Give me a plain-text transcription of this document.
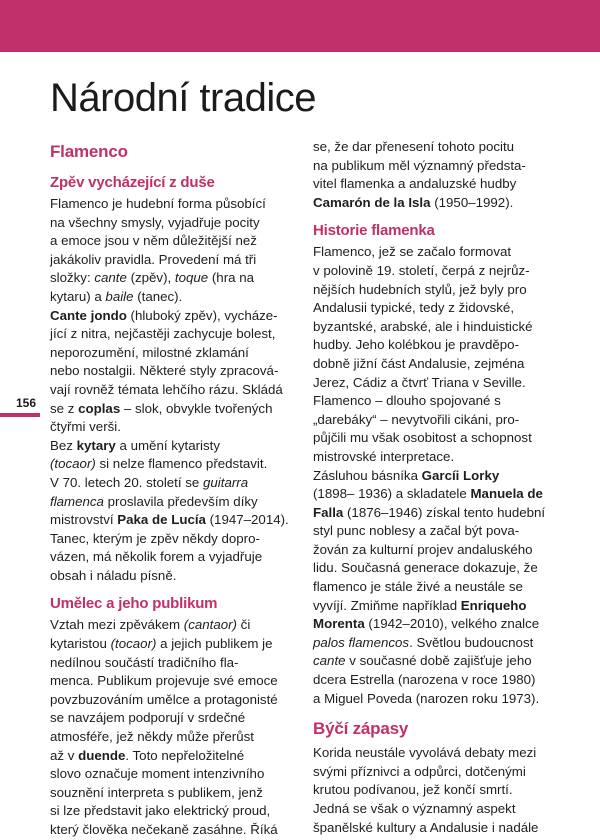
Národní tradice
156
Flamenco
Zpěv vycházející z duše

Flamenco je hudební forma působící
na všechny smysly, vyjadřuje pocity
a emoce jsou v něm důležitější než
jakákoliv pravidla. Provedení má tři
složky: cante (zpěv), toque (hra na
kytaru) a baile (tanec).

Cante jondo (hluboký zpěv), vycháze-
jící z nitra, nejčastěji zachycuje bolest,
neporozumění, milostné zklamání
nebo nostalgii. Některé styly zpracová-
vají rovněž témata lehčího rázu. Skládá
se z coplas – slok, obvykle tvořených
čtyřmi verši.

Bez kytary a umění kytaristy
(tocaor) si nelze flamenco představit.
V 70. letech 20. století se guitarra
flamenca proslavila především díky
mistrovství Paka de Lucía (1947–2014).
Tanec, kterým je zpěv někdy dopro-
vázen, má několik forem a vyjadřuje
obsah i náladu písně.

Umělec a jeho publikum

Vztah mezi zpěvákem (cantaor) či
kytaristou (tocaor) a jejich publikem je
nedílnou součástí tradičního fla-
menca. Publikum projevuje své emoce
povzbuzováním umělce a protagonisté
se navzájem podporují v srdečné
atmosféře, jež někdy může přerůst
až v duende. Toto nepřeložitelné
slovo označuje moment intenzivního
souznění interpreta s publikem, jenž
si lze představit jako elektrický proud,
který člověka nečekaně zasáhne. Říká

se, že dar přenesení tohoto pocitu
na publikum měl významný předsta-
vitel flamenka a andaluzské hudby
Camarón de la Isla (1950–1992).

Historie flamenka

Flamenco, jež se začalo formovat
v polovině 19. století, čerpá z nejrůz-
nějších hudebních stylů, jež byly pro
Andalusii typické, tedy z židovské,
byzantské, arabské, ale i hinduistické
hudby. Jeho kolébkou je pravděpo-
dobně jižní část Andalusie, zejména
Jerez, Cádiz a čtvrť Triana v Seville.
Flamenco – dlouho spojované s
„darebáky“ – nevytvořili cikáni, pro-
půjčili mu však osobitost a schopnost
mistrovské interpretace.
Zásluhou básníka Garcíi Lorky
(1898– 1936) a skladatele Manuela de
Falla (1876–1946) získal tento hudební
styl punc noblesy a začal být pova-
žován za kulturní projev andaluského
lidu. Současná generace dokazuje, že
flamenco je stále živé a neustále se
vyvíjí. Zmiňme například Enriqueho
Morenta (1942–2010), velkého znalce
palos flamencos. Světlou budoucnost
cante v současné době zajišťuje jeho
dcera Estrella (narozena v roce 1980)
a Miguel Poveda (narozen roku 1973).

Býčí zápasy

Korida neustále vyvolává debaty mezi
svými příznivci a odpůrci, dotčenými
krutou podívanou, jež končí smrtí.
Jedná se však o významný aspekt
španělské kultury a Andalusie i nadále
